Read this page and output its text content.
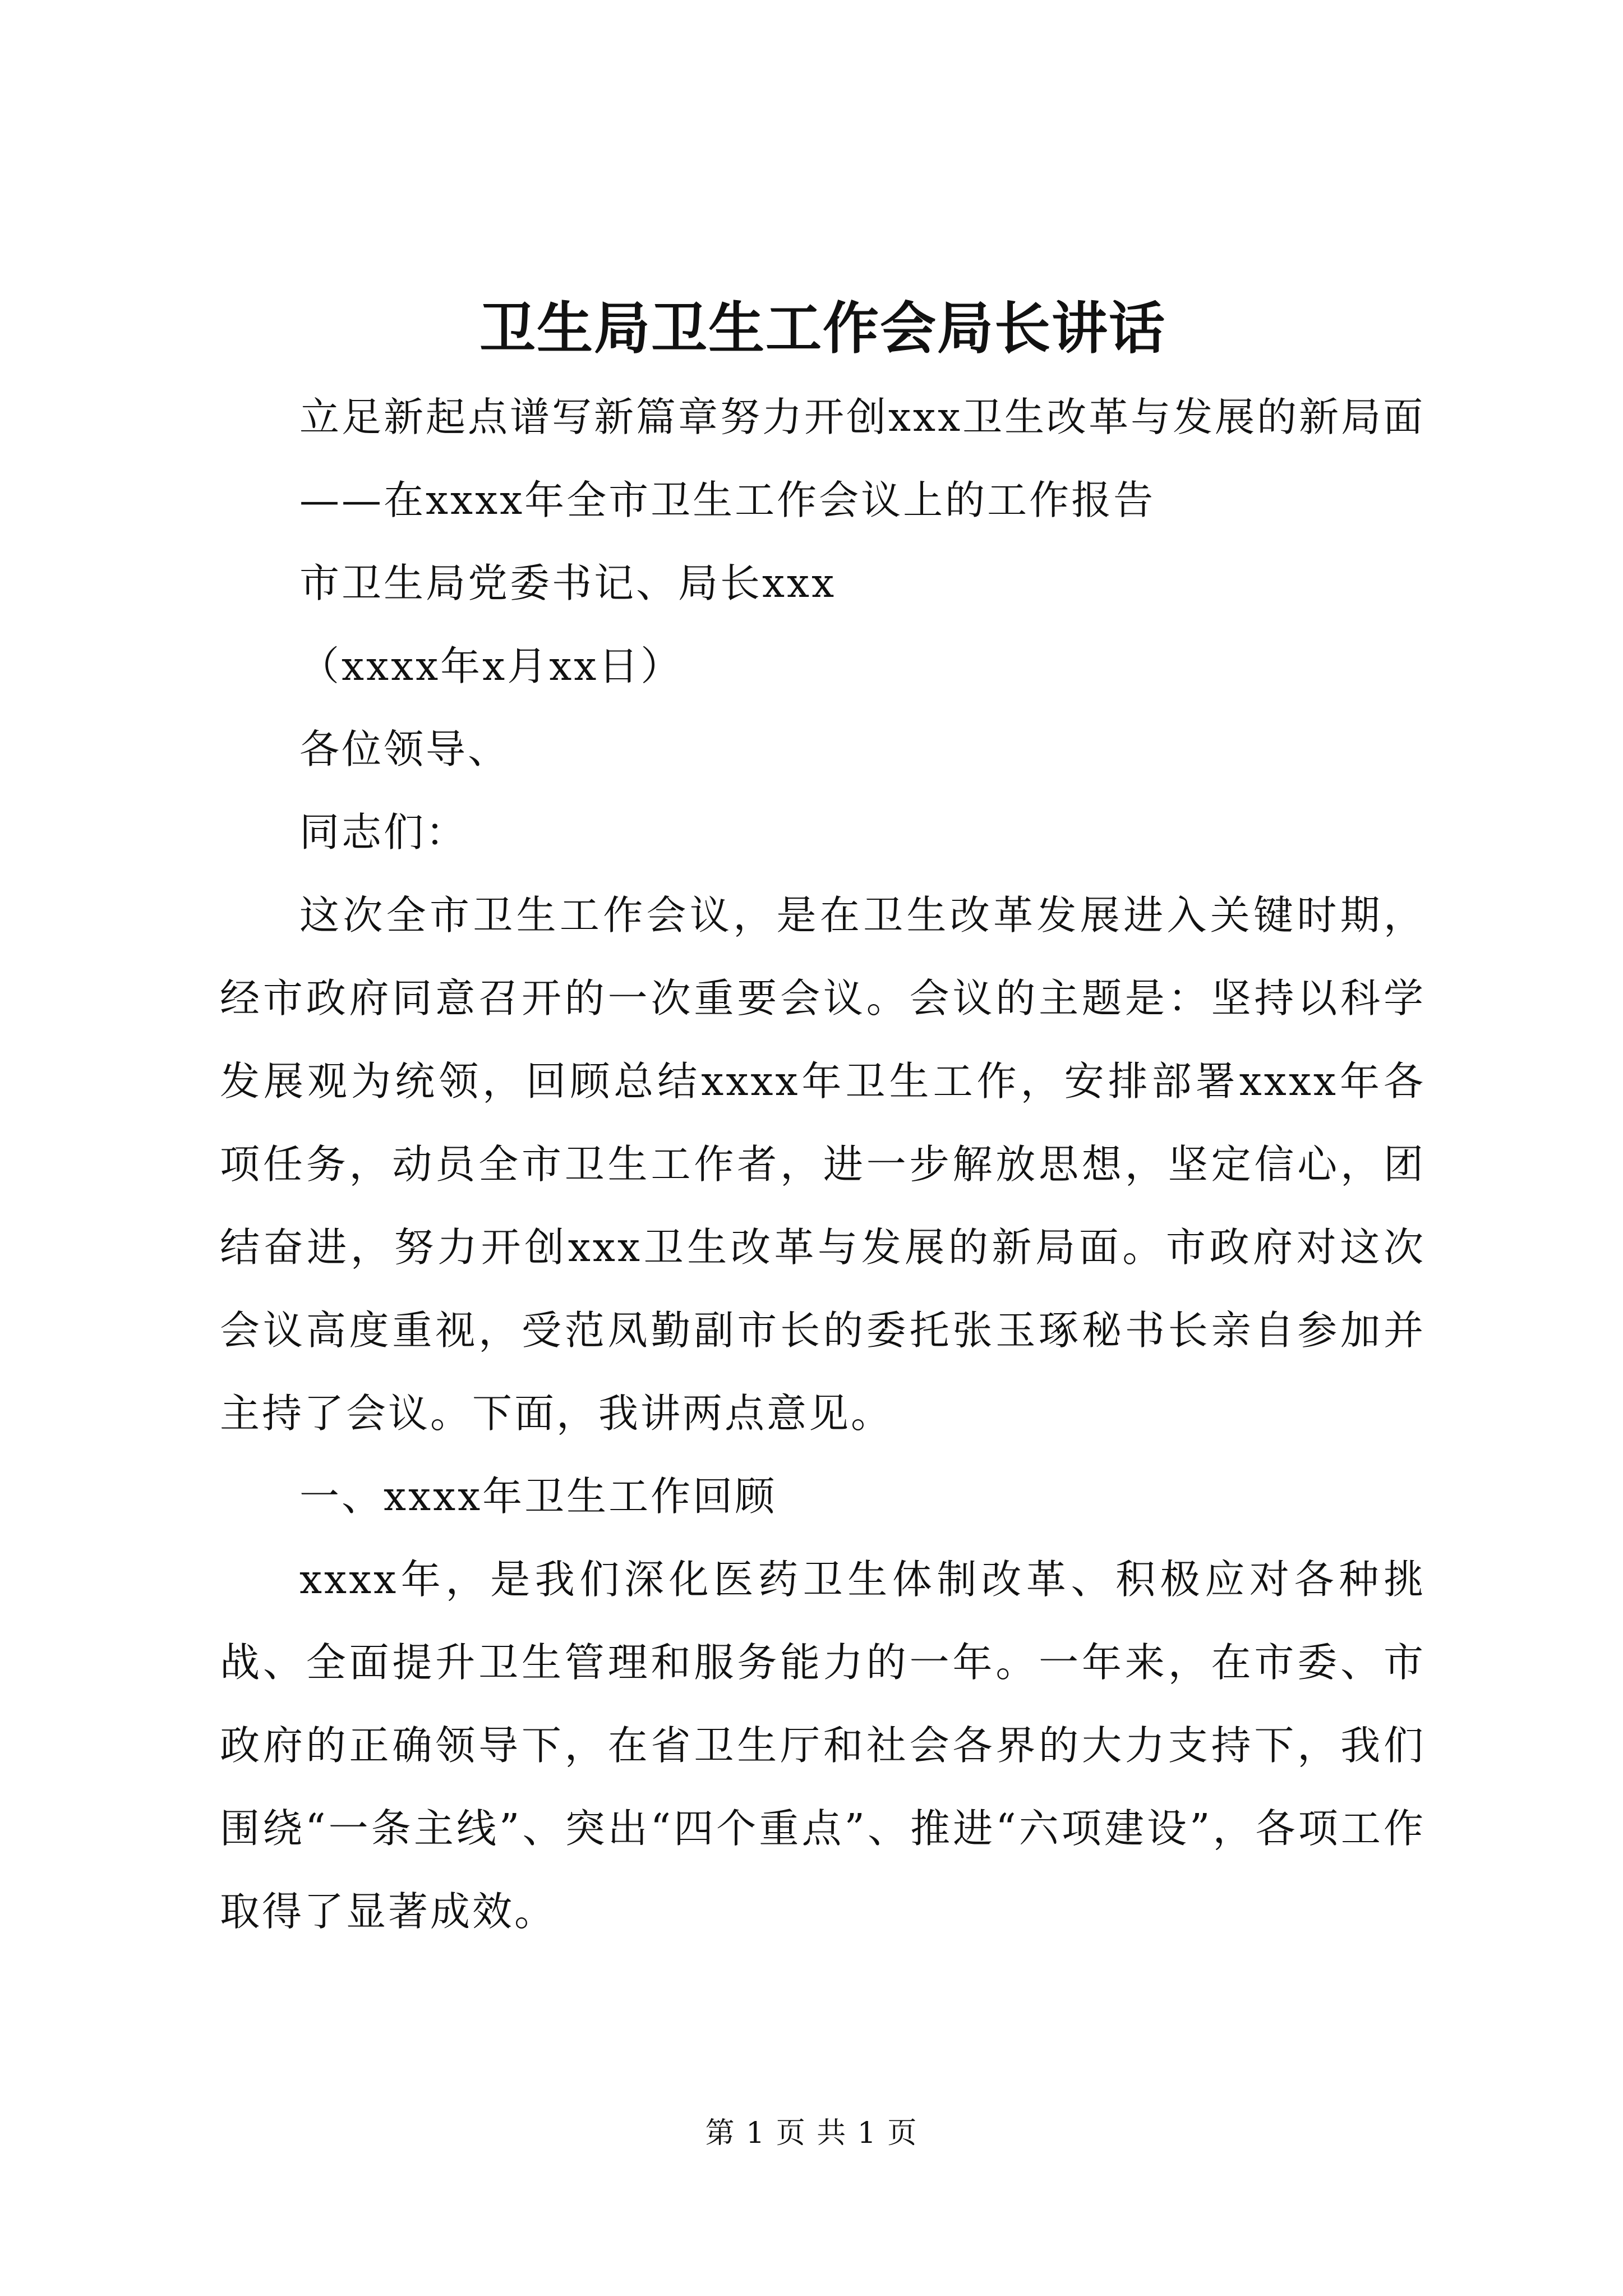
卫生局卫生工作会局长讲话

立足新起点谱写新篇章努力开创xxx卫生改革与发展的新局面

——在xxxx年全市卫生工作会议上的工作报告

市卫生局党委书记、局长xxx

（xxxx年x月xx日）

各位领导、

同志们：

这次全市卫生工作会议，是在卫生改革发展进入关键时期，经市政府同意召开的一次重要会议。会议的主题是：坚持以科学发展观为统领，回顾总结xxxx年卫生工作，安排部署xxxx年各项任务，动员全市卫生工作者，进一步解放思想，坚定信心，团结奋进，努力开创xxx卫生改革与发展的新局面。市政府对这次会议高度重视，受范凤勤副市长的委托张玉琢秘书长亲自参加并主持了会议。下面，我讲两点意见。

一、xxxx年卫生工作回顾

xxxx年，是我们深化医药卫生体制改革、积极应对各种挑战、全面提升卫生管理和服务能力的一年。一年来，在市委、市政府的正确领导下，在省卫生厅和社会各界的大力支持下，我们围绕“一条主线”、突出“四个重点”、推进“六项建设”，各项工作取得了显著成效。

第 1 页 共 1 页
